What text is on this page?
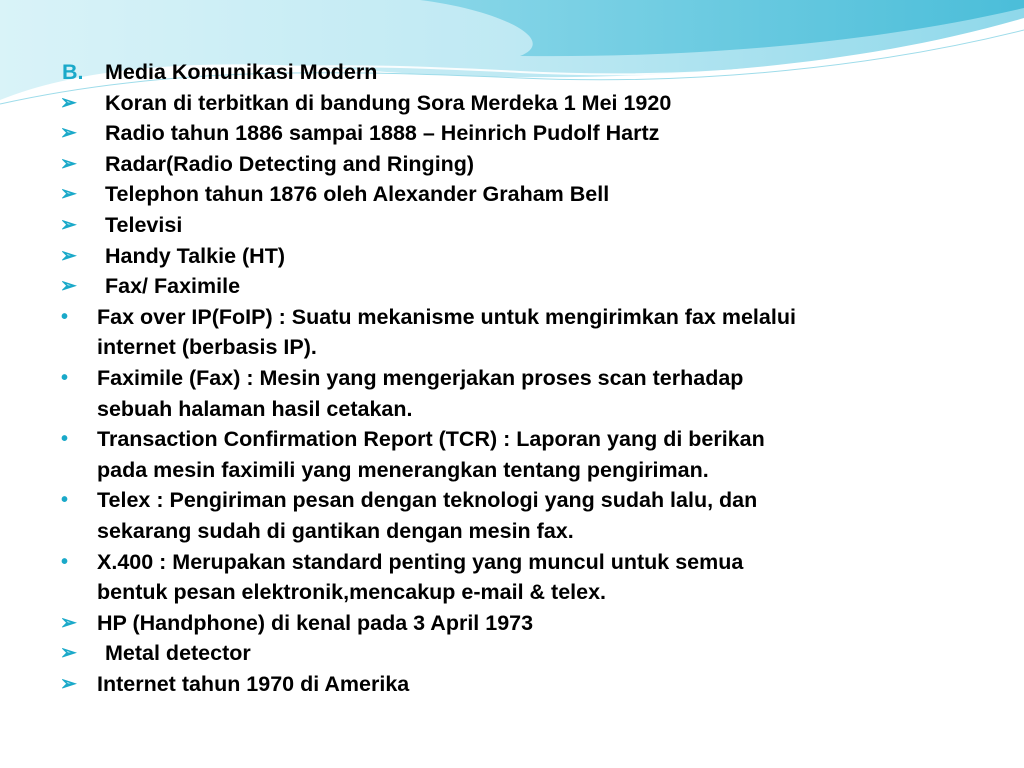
B. Media Komunikasi Modern
➢ Koran di terbitkan di bandung Sora Merdeka 1 Mei 1920
➢ Radio tahun 1886 sampai 1888 – Heinrich Pudolf Hartz
➢ Radar(Radio Detecting and Ringing)
➢ Telephon tahun 1876 oleh Alexander Graham Bell
➢ Televisi
➢ Handy Talkie (HT)
➢ Fax/ Faximile
• Fax over IP(FoIP) : Suatu mekanisme untuk mengirimkan fax melalui
internet (berbasis IP).
• Faximile (Fax) : Mesin yang mengerjakan proses scan terhadap
sebuah halaman hasil cetakan.
• Transaction Confirmation Report (TCR) : Laporan yang di berikan
pada mesin faximili yang menerangkan tentang pengiriman.
• Telex : Pengiriman pesan dengan teknologi yang sudah lalu, dan
sekarang sudah di gantikan dengan mesin fax.
• X.400 : Merupakan standard penting yang muncul untuk semua
bentuk pesan elektronik,mencakup e-mail & telex.
➢ HP (Handphone) di kenal pada 3 April 1973
➢ Metal detector
➢ Internet tahun 1970 di Amerika
